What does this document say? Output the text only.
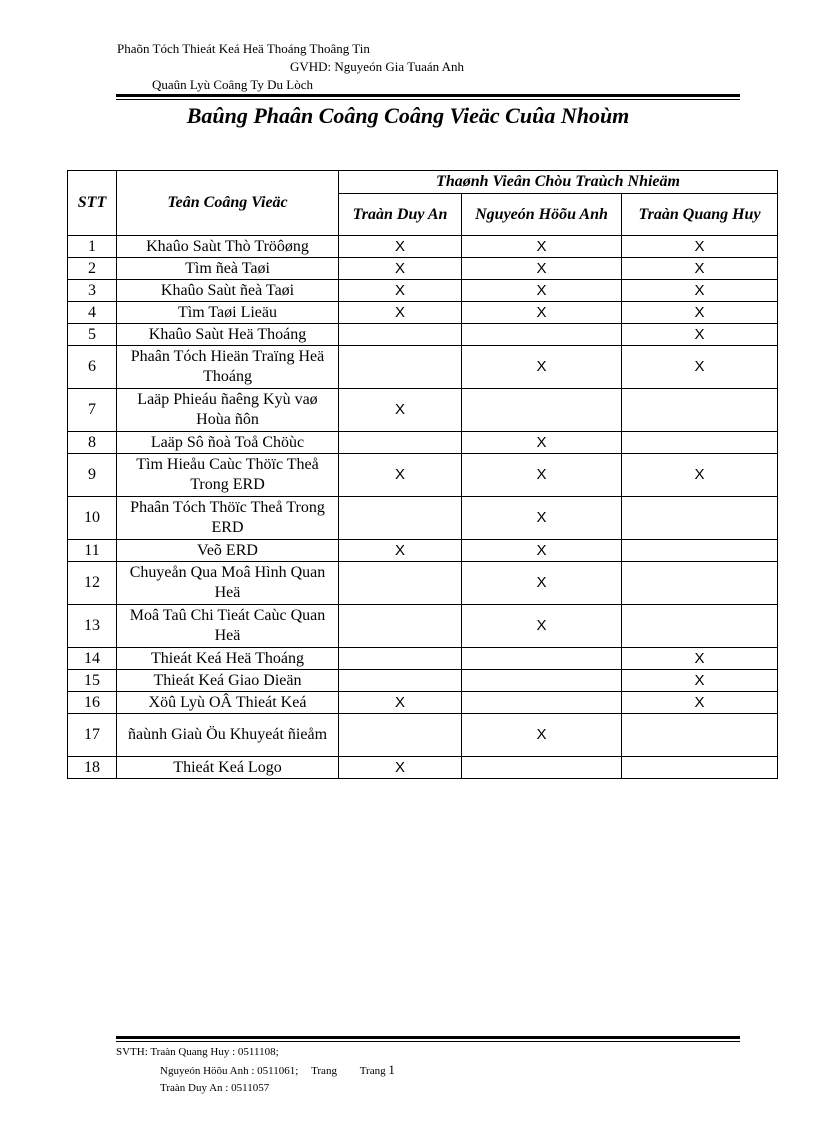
Phaõn Tóch Thieát Keá Heä Thoáng Thoâng Tin
GVHD: Nguyeón Gia Tuaán Anh
Quaûn Lyù Coâng Ty Du Lòch
Baûng Phaân Coâng Coâng Vieäc Cuûa Nhoùm
STT	Teân Coâng Vieäc	Thaønh Vieân Chòu Traùch Nhieäm		
		Traàn Duy An	Nguyeón Höõu Anh	Traàn Quang Huy
1	Khaûo Saùt Thò Tröôøng	X	X	X
2	Tìm ñeà Taøi	X	X	X
3	Khaûo Saùt ñeà Taøi	X	X	X
4	Tìm Taøi Lieäu	X	X	X
5	Khaûo Saùt Heä Thoáng			X
6	Phaân Tóch Hieän Traïng Heä Thoáng		X	X
7	Laäp Phieáu ñaêng Kyù vaø Hoùa ñôn	X		
8	Laäp Sô ñoà Toå Chöùc		X	
9	Tìm Hieåu Caùc Thöïc Theå Trong ERD	X	X	X
10	Phaân Tóch Thöïc Theå Trong ERD		X	
11	Veõ ERD	X	X	
12	Chuyeån Qua Moâ Hình Quan Heä		X	
13	Moâ Taû Chi Tieát Caùc Quan Heä		X	
14	Thieát Keá Heä Thoáng			X
15	Thieát Keá Giao Dieän			X
16	Xöû Lyù OÂ Thieát Keá	X		X
17	ñaùnh Giaù Öu Khuyeát ñieåm		X	
18	Thieát Keá Logo	X		
SVTH: Traàn Quang Huy : 0511108;
Nguyeón Höõu Anh : 0511061; Trang Trang 1
Traàn Duy An : 0511057
